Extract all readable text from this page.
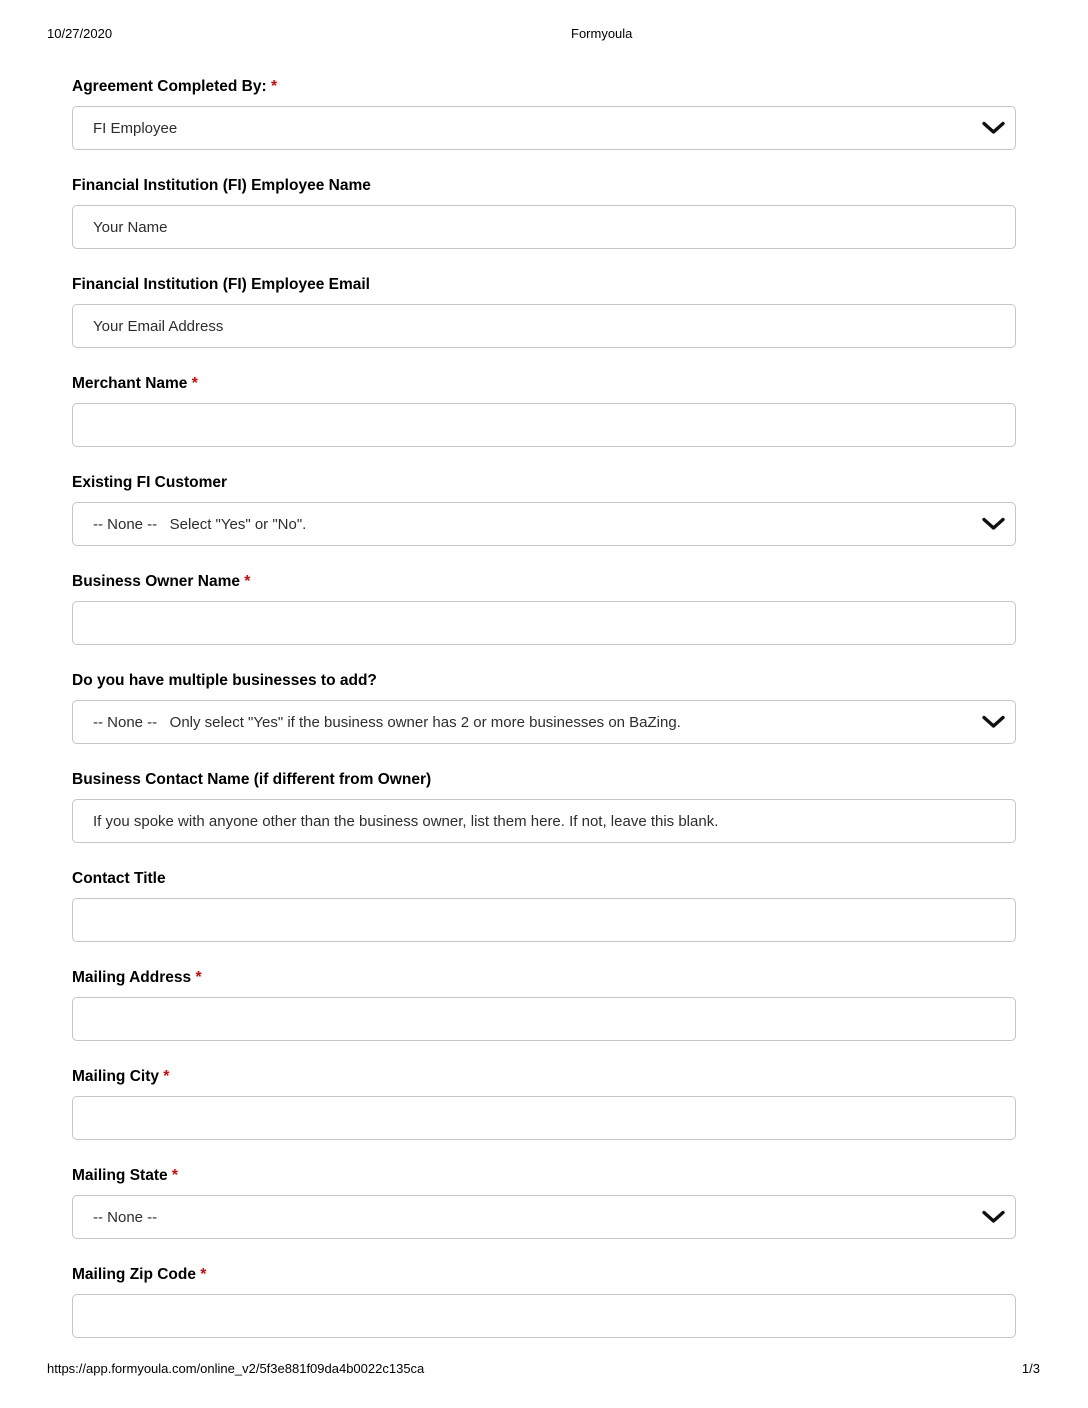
10/27/2020	Formyoula
Agreement Completed By: *
FI Employee
Financial Institution (FI) Employee Name
Your Name
Financial Institution (FI) Employee Email
Your Email Address
Merchant Name *
Existing FI Customer
-- None --   Select "Yes" or "No".
Business Owner Name *
Do you have multiple businesses to add?
-- None --   Only select "Yes" if the business owner has 2 or more businesses on BaZing.
Business Contact Name (if different from Owner)
If you spoke with anyone other than the business owner, list them here. If not, leave this blank.
Contact Title
Mailing Address *
Mailing City *
Mailing State *
-- None --
Mailing Zip Code *
https://app.formyoula.com/online_v2/5f3e881f09da4b0022c135ca	1/3
